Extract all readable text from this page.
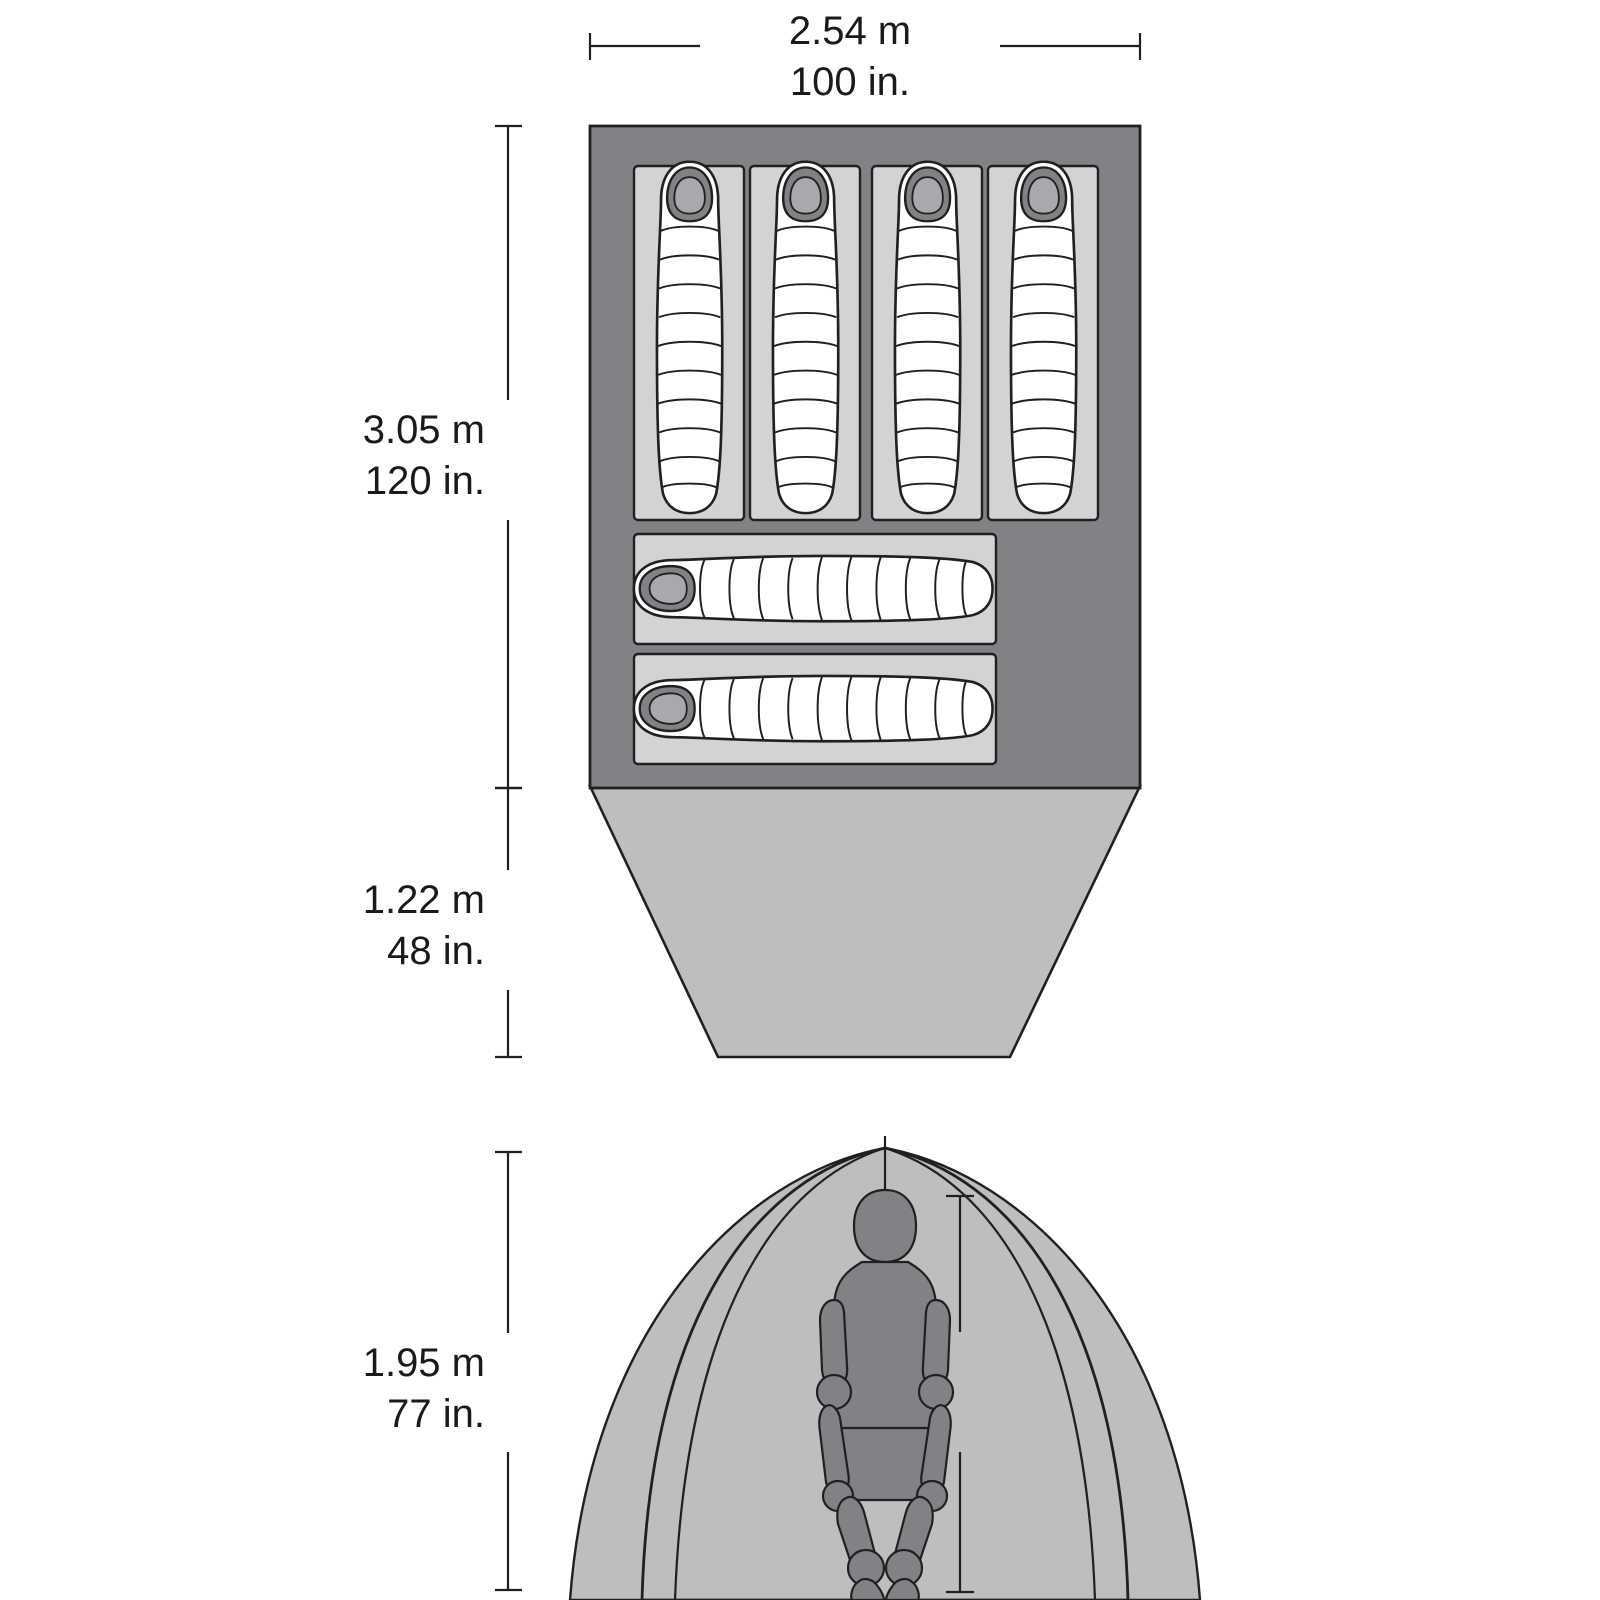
2.54 m
100 in.
3.05 m
120 in.
1.22 m
48 in.
1.95 m
77 in.
